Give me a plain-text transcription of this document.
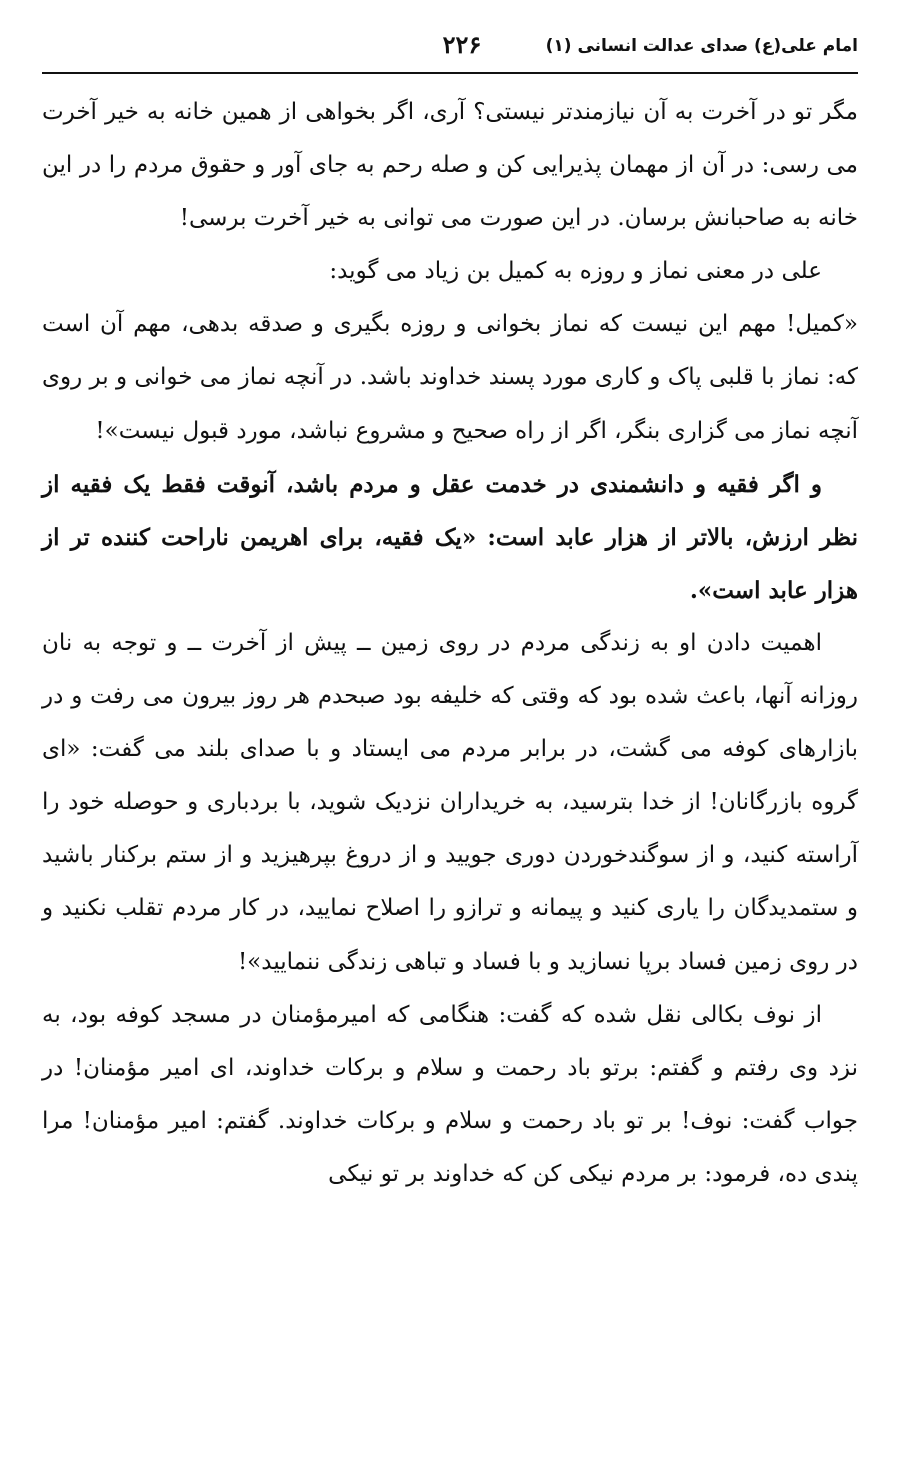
امام علی(ع) صدای عدالت انسانی (۱)
۲۲۶

مگر تو در آخرت به آن نیازمندتر نیستی؟ آری، اگر بخواهی از همین خانه به خیر آخرت می رسی: در آن از مهمان پذیرایی کن و صله رحم به جای آور و حقوق مردم را در این خانه به صاحبانش برسان. در این صورت می توانی به خیر آخرت برسی!

علی در معنی نماز و روزه به کمیل بن زیاد می گوید:

«کمیل! مهم این نیست که نماز بخوانی و روزه بگیری و صدقه بدهی، مهم آن است که: نماز با قلبی پاک و کاری مورد پسند خداوند باشد. در آنچه نماز می خوانی و بر روی آنچه نماز می گزاری بنگر، اگر از راه صحیح و مشروع نباشد، مورد قبول نیست»!

و اگر فقیه و دانشمندی در خدمت عقل و مردم باشد، آنوقت فقط یک فقیه از نظر ارزش، بالاتر از هزار عابد است: «یک فقیه، برای اهریمن ناراحت کننده تر از هزار عابد است».

اهمیت دادن او به زندگی مردم در روی زمین ــ پیش از آخرت ــ و توجه به نان روزانه آنها، باعث شده بود که وقتی که خلیفه بود صبحدم هر روز بیرون می رفت و در بازارهای کوفه می گشت، در برابر مردم می ایستاد و با صدای بلند می گفت: «ای گروه بازرگانان! از خدا بترسید، به خریداران نزدیک شوید، با بردباری و حوصله خود را آراسته کنید، و از سوگندخوردن دوری جویید و از دروغ بپرهیزید و از ستم برکنار باشید و ستمدیدگان را یاری کنید و پیمانه و ترازو را اصلاح نمایید، در کار مردم تقلب نکنید و در روی زمین فساد برپا نسازید و با فساد و تباهی زندگی ننمایید»!

از نوف بکالی نقل شده که گفت: هنگامی که امیرمؤمنان در مسجد کوفه بود، به نزد وی رفتم و گفتم: برتو باد رحمت و سلام و برکات خداوند، ای امیر مؤمنان! در جواب گفت: نوف! بر تو باد رحمت و سلام و برکات خداوند. گفتم: امیر مؤمنان! مرا پندی ده، فرمود: بر مردم نیکی کن که خداوند بر تو نیکی
